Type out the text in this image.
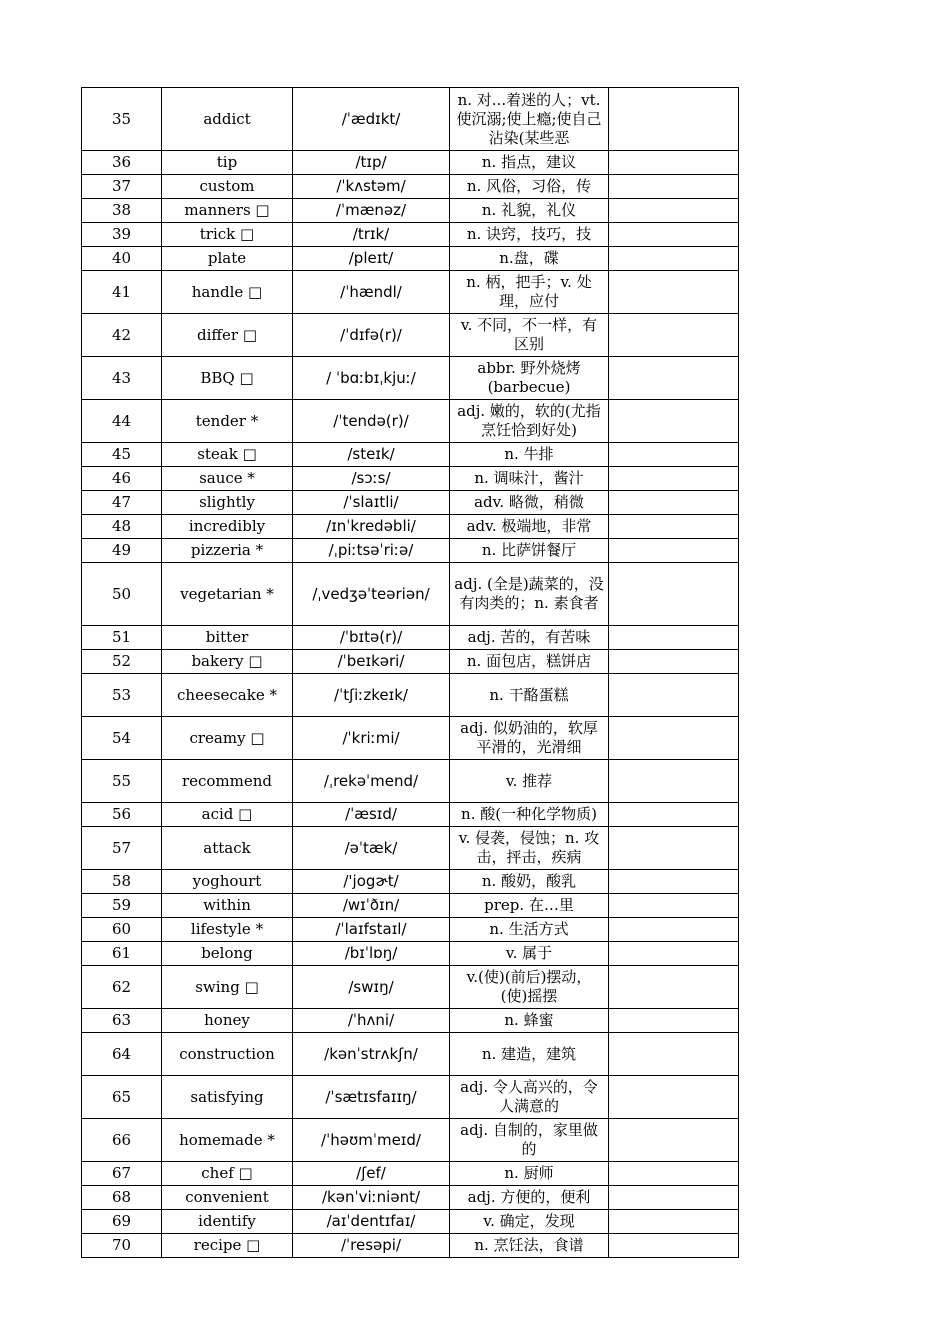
35	addict	/ˈædɪkt/	n. 对...着迷的人；vt. 使沉溺;使上瘾;使自己沾染(某些恶	

36	tip	/tɪp/	n. 指点，建议	

37	custom	/ˈkʌstəm/	n. 风俗，习俗，传	

38	manners □	/ˈmænəz/	n. 礼貌，礼仪	

39	trick □	/trɪk/	n. 诀窍，技巧，技	

40	plate	/pleɪt/	n.盘，碟	

41	handle □	/ˈhændl/	n. 柄，把手；v. 处理，应付	

42	differ □	/ˈdɪfə(r)/	v. 不同，不一样，有区别	

43	BBQ □	/ ˈbɑːbɪˌkjuː/	abbr. 野外烧烤(barbecue)	

44	tender *	/ˈtendə(r)/	adj. 嫩的，软的(尤指烹饪恰到好处)	

45	steak □	/steɪk/	n. 牛排	

46	sauce *	/sɔːs/	n. 调味汁，酱汁	

47	slightly	/ˈslaɪtli/	adv. 略微，稍微	

48	incredibly	/ɪnˈkredəbli/	adv. 极端地，非常	

49	pizzeria *	/ˌpiːtsəˈriːə/	n. 比萨饼餐厅	

50	vegetarian *	/ˌvedʒəˈteəriən/	adj. (全是)蔬菜的，没有肉类的；n. 素食者	

51	bitter	/ˈbɪtə(r)/	adj. 苦的，有苦味	

52	bakery □	/ˈbeɪkəri/	n. 面包店，糕饼店	

53	cheesecake *	/ˈtʃiːzkeɪk/	n. 干酪蛋糕	

54	creamy □	/ˈkriːmi/	adj. 似奶油的，软厚平滑的，光滑细	

55	recommend	/ˌrekəˈmend/	v. 推荐	

56	acid □	/ˈæsɪd/	n. 酸(一种化学物质)	

57	attack	/əˈtæk/	v. 侵袭，侵蚀；n. 攻击，抨击，疾病	

58	yoghourt	/'jogɚt/	n. 酸奶，酸乳	

59	within	/wɪˈðɪn/	prep. 在…里	

60	lifestyle *	/ˈlaɪfstaɪl/	n. 生活方式	

61	belong	/bɪˈlɒŋ/	v. 属于	

62	swing □	/swɪŋ/	v.(使)(前后)摆动，(使)摇摆	

63	honey	/ˈhʌni/	n. 蜂蜜	

64	construction	/kənˈstrʌkʃn/	n. 建造，建筑	

65	satisfying	/ˈsætɪsfaɪɪŋ/	adj. 令人高兴的，令人满意的	

66	homemade *	/ˈhəʊmˈmeɪd/	adj. 自制的，家里做的	

67	chef □	/ʃef/	n. 厨师	

68	convenient	/kənˈviːniənt/	adj. 方便的，便利	

69	identify	/aɪˈdentɪfaɪ/	v. 确定，发现	

70	recipe □	/ˈresəpi/	n. 烹饪法，食谱	
